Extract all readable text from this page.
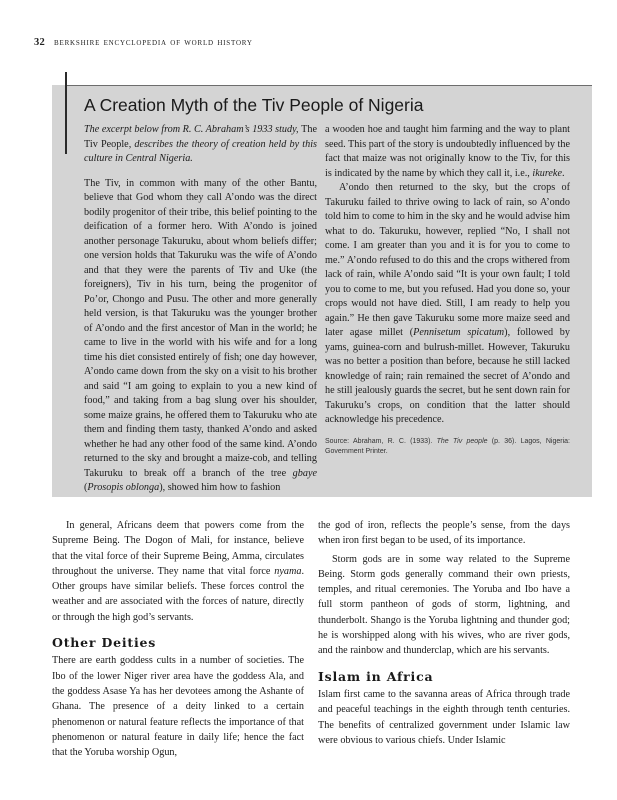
32 berkshire encyclopedia of world history
A Creation Myth of the Tiv People of Nigeria

The excerpt below from R. C. Abraham’s 1933 study, The Tiv People, describes the theory of creation held by this culture in Central Nigeria.

The Tiv, in common with many of the other Bantu, believe that God whom they call A’ondo was the direct bodily progenitor of their tribe, this belief pointing to the deification of a former hero. With A’ondo is joined another personage Takuruku, about whom beliefs differ; one version holds that Takuruku was the wife of A’ondo and that they were the parents of Tiv and Uke (the foreigners), Tiv in his turn, being the progenitor of Po’or, Chongo and Pusu. The other and more generally held version, is that Takuruku was the younger brother of A’ondo and the first ancestor of Man in the world; he came to live in the world with his wife and for a long time his diet consisted entirely of fish; one day however, A’ondo came down from the sky on a visit to his brother and said “I am going to explain to you a new kind of food,” and taking from a bag slung over his shoulder, some maize grains, he offered them to Takuruku who ate them and finding them tasty, thanked A’ondo and asked whether he had any other food of the same kind. A’ondo returned to the sky and brought a maize-cob, and telling Takuruku to break off a branch of the tree gbaye (Prosopis oblonga), showed him how to fashion

a wooden hoe and taught him farming and the way to plant seed. This part of the story is undoubtedly influenced by the fact that maize was not originally know to the Tiv, for this is indicated by the name by which they call it, i.e., ikureke.

A’ondo then returned to the sky, but the crops of Takuruku failed to thrive owing to lack of rain, so A’ondo told him to come to him in the sky and he would advise him what to do. Takuruku, however, replied “No, I shall not come. I am greater than you and it is for you to come to me.” A’ondo refused to do this and the crops withered from lack of rain, while A’ondo said “It is your own fault; I told you to come to me, but you refused. Had you done so, your crops would not have died. Still, I am ready to help you again.” He then gave Takuruku some more maize seed and later agase millet (Pennisetum spicatum), followed by yams, guinea-corn and bulrush-millet. However, Takuruku was no better a position than before, because he still lacked knowledge of rain; rain remained the secret of A’ondo and he still jealously guards the secret, but he sent down rain for Takuruku’s crops, on condition that the latter should acknowledge his precedence.

Source: Abraham, R. C. (1933). The Tiv people (p. 36). Lagos, Nigeria: Government Printer.

In general, Africans deem that powers come from the Supreme Being. The Dogon of Mali, for instance, believe that the vital force of their Supreme Being, Amma, circulates throughout the universe. They name that vital force nyama. Other groups have similar beliefs. These forces control the weather and are associated with the forces of nature, directly or through the high god’s servants.

Other Deities

There are earth goddess cults in a number of societies. The Ibo of the lower Niger river area have the goddess Ala, and the goddess Asase Ya has her devotees among the Ashante of Ghana. The presence of a deity linked to a certain phenomenon or natural feature reflects the importance of that phenomenon or natural feature in daily life; hence the fact that the Yoruba worship Ogun,

the god of iron, reflects the people’s sense, from the days when iron first began to be used, of its importance.

Storm gods are in some way related to the Supreme Being. Storm gods generally command their own priests, temples, and ritual ceremonies. The Yoruba and Ibo have a full storm pantheon of gods of storm, lightning, and thunderbolt. Shango is the Yoruba lightning and thunder god; he is worshipped along with his wives, who are river gods, and the rainbow and thunderclap, which are his servants.

Islam in Africa

Islam first came to the savanna areas of Africa through trade and peaceful teachings in the eighth through tenth centuries. The benefits of centralized government under Islamic law were obvious to various chiefs. Under Islamic
